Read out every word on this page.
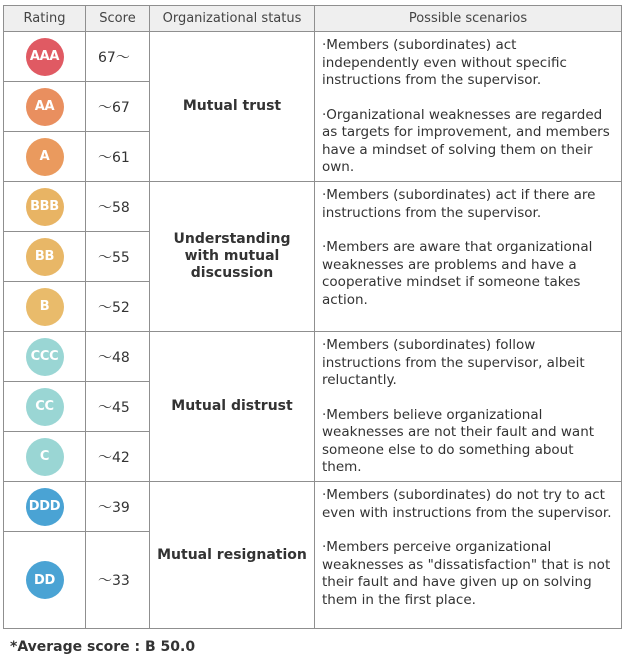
Rating	Score	Organizational status	Possible scenarios
AAA	67～	Mutual trust	·Members (subordinates) act independently even without specific instructions from the supervisor.

·Organizational weaknesses are regarded as targets for improvement, and members have a mindset of solving them on their own.

AA	～67		
A	～61		
BBB	～58	Understanding with mutual discussion	·Members (subordinates) act if there are instructions from the supervisor.

·Members are aware that organizational weaknesses are problems and have a cooperative mindset if someone takes action.

BB	～55		
B	～52		
CCC	～48	Mutual distrust	·Members (subordinates) follow instructions from the supervisor, albeit reluctantly.

·Members believe organizational weaknesses are not their fault and want someone else to do something about them.

CC	～45		
C	～42		
DDD	～39	Mutual resignation	·Members (subordinates) do not try to act even with instructions from the supervisor.

·Members perceive organizational weaknesses as "dissatisfaction" that is not their fault and have given up on solving them in the first place.

DD	～33		

*Average score : B 50.0
